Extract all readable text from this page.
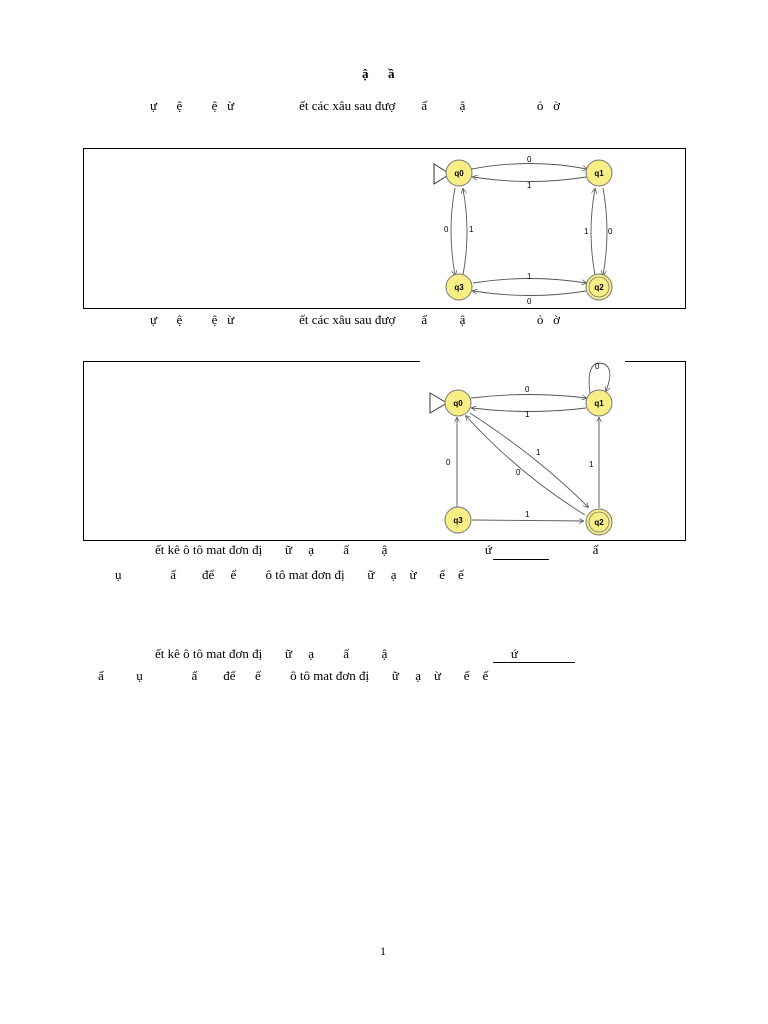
ậ      ầ
ự      ệ         ệ   ừ                    ết các xâu sau đượ        ấ          ậ                      ỏ   ờ
0
1
0	1	0
1
1
0
q0	q1
q2
q3
ự      ệ         ệ   ừ                    ết các xâu sau đượ        ấ          ậ                      ỏ   ờ
0
1
0
1
0
0
1
1
q0	q1
q2
q3
ết kê ô tô mat đơn đị       ữ     ạ         ấ          ậ                              ứ                               ấ
ụ               ấ        để     ể         ô tô mat đơn đị       ữ     ạ    ừ       ế    ế
ết kê ô tô mat đơn đị       ữ     ạ         ấ          ậ                                      ứ
ấ          ụ               ấ        để      ể         ô tô mat đơn đị       ữ     ạ    ừ       ế    ế
1
